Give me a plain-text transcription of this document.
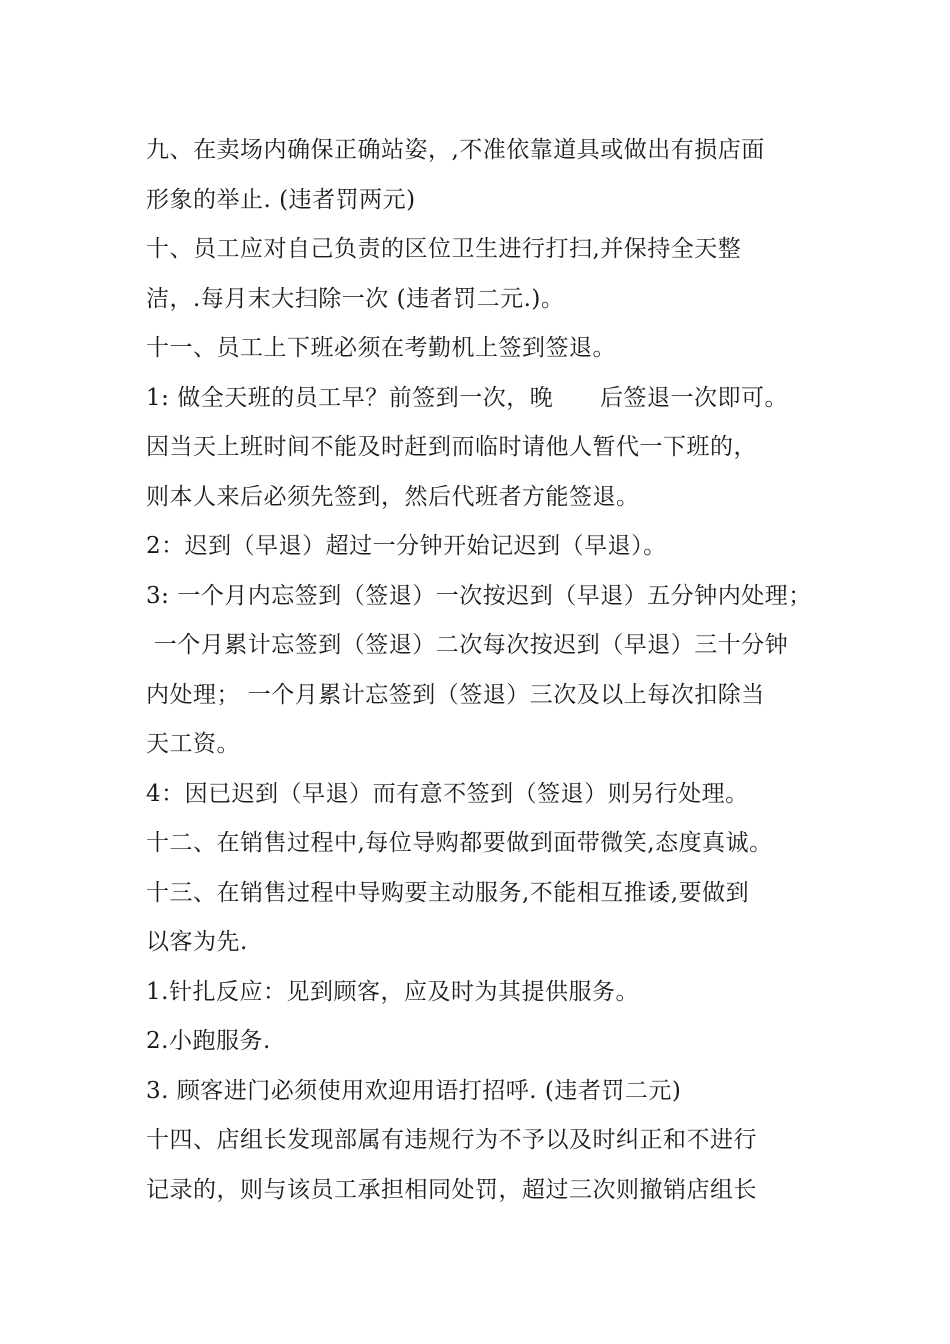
九、在卖场内确保正确站姿，,不准依靠道具或做出有损店面
形象的举止. (违者罚两元)
十、员工应对自己负责的区位卫生进行打扫,并保持全天整
洁，.每月末大扫除一次 (违者罚二元.)。
十一、员工上下班必须在考勤机上签到签退。
1: 做全天班的员工早？前签到一次，晚      后签退一次即可。
因当天上班时间不能及时赶到而临时请他人暂代一下班的，
则本人来后必须先签到，然后代班者方能签退。
2：迟到（早退）超过一分钟开始记迟到（早退）。
3: 一个月内忘签到（签退）一次按迟到（早退）五分钟内处理；
一个月累计忘签到（签退）二次每次按迟到（早退）三十分钟
内处理； 一个月累计忘签到（签退）三次及以上每次扣除当
天工资。
4：因已迟到（早退）而有意不签到（签退）则另行处理。
十二、在销售过程中,每位导购都要做到面带微笑,态度真诚。
十三、在销售过程中导购要主动服务,不能相互推诿,要做到
以客为先.
1.针扎反应：见到顾客，应及时为其提供服务。
2.小跑服务.
3. 顾客进门必须使用欢迎用语打招呼. (违者罚二元)
十四、店组长发现部属有违规行为不予以及时纠正和不进行
记录的，则与该员工承担相同处罚，超过三次则撤销店组长
